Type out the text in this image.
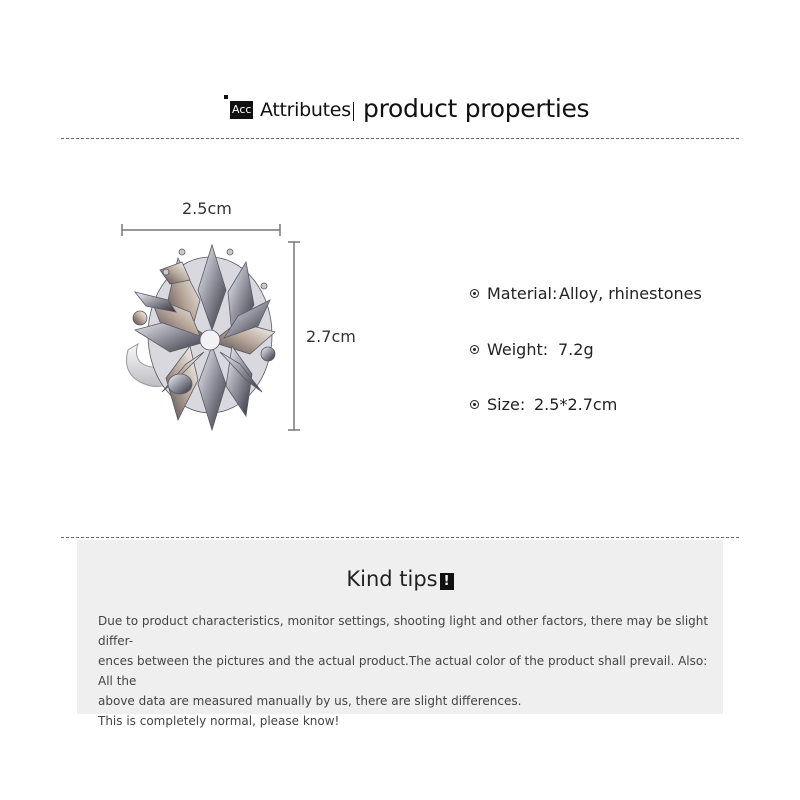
Acc Attributes product properties
2.5cm
2.7cm
Material: Alloy, rhinestones
Weight: 7.2g
Size: 2.5*2.7cm
Kind tips !

Due to product characteristics, monitor settings, shooting light and other factors, there may be slight differ-

ences between the pictures and the actual product.The actual color of the product shall prevail. Also: All the

above data are measured manually by us, there are slight differences.

This is completely normal, please know!
